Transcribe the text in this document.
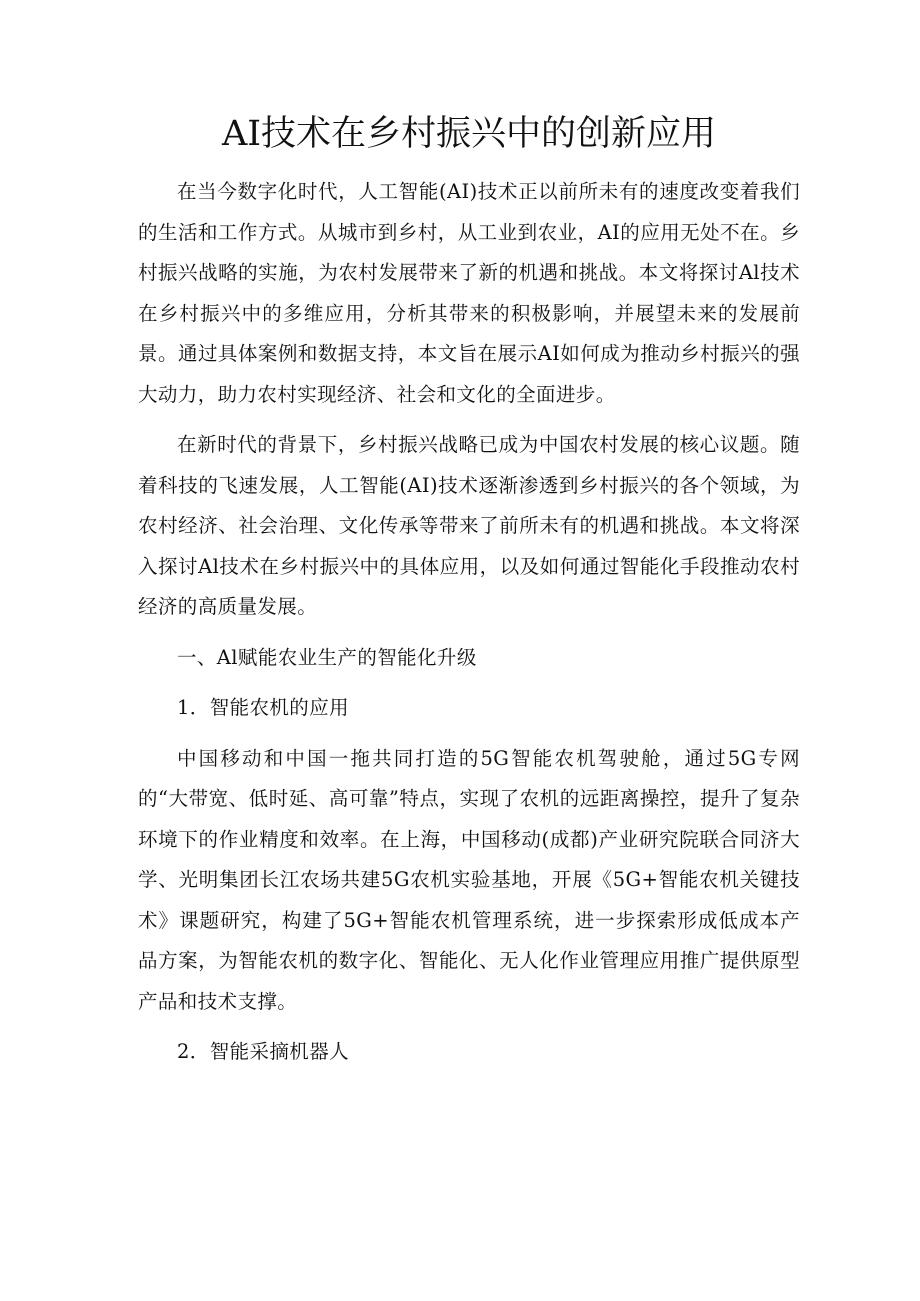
AI技术在乡村振兴中的创新应用

在当今数字化时代，人工智能(AI)技术正以前所未有的速度改变着我们的生活和工作方式。从城市到乡村，从工业到农业，AI的应用无处不在。乡村振兴战略的实施，为农村发展带来了新的机遇和挑战。本文将探讨Al技术在乡村振兴中的多维应用，分析其带来的积极影响，并展望未来的发展前景。通过具体案例和数据支持，本文旨在展示AI如何成为推动乡村振兴的强大动力，助力农村实现经济、社会和文化的全面进步。

在新时代的背景下，乡村振兴战略已成为中国农村发展的核心议题。随着科技的飞速发展，人工智能(AI)技术逐渐渗透到乡村振兴的各个领域，为农村经济、社会治理、文化传承等带来了前所未有的机遇和挑战。本文将深入探讨Al技术在乡村振兴中的具体应用，以及如何通过智能化手段推动农村经济的高质量发展。

一、Al赋能农业生产的智能化升级

1．智能农机的应用

中国移动和中国一拖共同打造的5G智能农机驾驶舱，通过5G专网的“大带宽、低时延、高可靠”特点，实现了农机的远距离操控，提升了复杂环境下的作业精度和效率。在上海，中国移动(成都)产业研究院联合同济大学、光明集团长江农场共建5G农机实验基地，开展《5G+智能农机关键技术》课题研究，构建了5G+智能农机管理系统，进一步探索形成低成本产品方案，为智能农机的数字化、智能化、无人化作业管理应用推广提供原型产品和技术支撑。

2．智能采摘机器人
